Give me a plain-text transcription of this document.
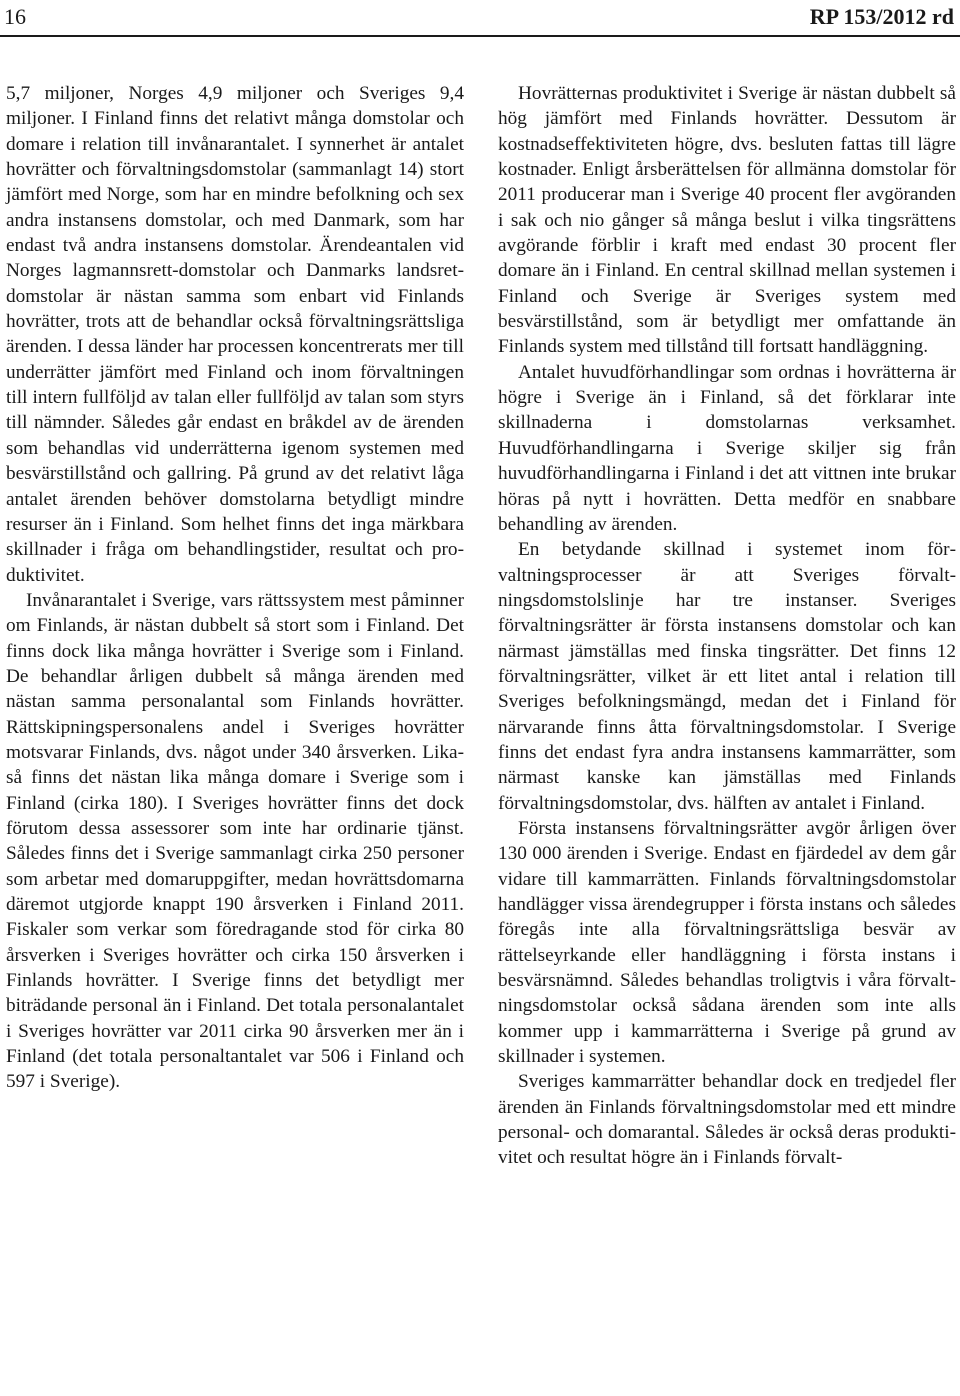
16	RP 153/2012 rd

5,7 miljoner, Norges 4,9 miljoner och Sveriges 9,4 miljoner. I Finland finns det relativt många domstolar och domare i relation till invånarantalet. I synnerhet är antalet hovrätter och förvaltningsdomstolar (sammanlagt 14) stort jämfört med Norge, som har en mindre befolkning och sex andra instansens domstolar, och med Danmark, som har endast två andra instansens domstolar. Ärendeantalen vid Norges lagmannsrett-domstolar och Danmarks landsret-domstolar är nästan samma som enbart vid Finlands hovrätter, trots att de behandlar också förvaltningsrättsliga ärenden. I dessa länder har processen koncentrerats mer till underrätter jämfört med Finland och inom förvaltningen till intern fullföljd av talan eller fullföljd av talan som styrs till nämnder. Således går endast en bråkdel av de ärenden som behandlas vid underrätterna igenom systemen med besvärstillstånd och gallring. På grund av det relativt låga antalet ärenden behöver domstolarna betydligt mindre resurser än i Finland. Som helhet finns det inga märkbara skillnader i fråga om behandlingstider, resultat och produktivitet.

Invånarantalet i Sverige, vars rättssystem mest påminner om Finlands, är nästan dubbelt så stort som i Finland. Det finns dock lika många hovrätter i Sverige som i Finland. De behandlar årligen dubbelt så många ärenden med nästan samma personalantal som Finlands hovrätter. Rättskipningspersonalens andel i Sveriges hovrätter motsvarar Finlands, dvs. något under 340 årsverken. Likaså finns det nästan lika många domare i Sverige som i Finland (cirka 180). I Sveriges hovrätter finns det dock förutom dessa assessorer som inte har ordinarie tjänst. Således finns det i Sverige sammanlagt cirka 250 personer som arbetar med domaruppgifter, medan hovrättsdomarna däremot utgjorde knappt 190 årsverken i Finland 2011. Fiskaler som verkar som föredragande stod för cirka 80 årsverken i Sveriges hovrätter och cirka 150 årsverken i Finlands hovrätter. I Sverige finns det betydligt mer biträdande personal än i Finland. Det totala personalantalet i Sveriges hovrätter var 2011 cirka 90 årsverken mer än i Finland (det totala personaltantalet var 506 i Finland och 597 i Sverige).

Hovrätternas produktivitet i Sverige är nästan dubbelt så hög jämfört med Finlands hovrätter. Dessutom är kostnadseffektiviteten högre, dvs. besluten fattas till lägre kostnader. Enligt årsberättelsen för allmänna domstolar för 2011 producerar man i Sverige 40 procent fler avgöranden i sak och nio gånger så många beslut i vilka tingsrättens avgörande förblir i kraft med endast 30 procent fler domare än i Finland. En central skillnad mellan systemen i Finland och Sverige är Sveriges system med besvärstillstånd, som är betydligt mer omfattande än Finlands system med tillstånd till fortsatt handläggning.

Antalet huvudförhandlingar som ordnas i hovrätterna är högre i Sverige än i Finland, så det förklarar inte skillnaderna i domstolarnas verksamhet. Huvudförhandlingarna i Sverige skiljer sig från huvudförhandlingarna i Finland i det att vittnen inte brukar höras på nytt i hovrätten. Detta medför en snabbare behandling av ärenden.

En betydande skillnad i systemet inom förvaltningsprocesser är att Sveriges förvaltningsdomstolslinje har tre instanser. Sveriges förvaltningsrätter är första instansens domstolar och kan närmast jämställas med finska tingsrätter. Det finns 12 förvaltningsrätter, vilket är ett litet antal i relation till Sveriges befolkningsmängd, medan det i Finland för närvarande finns åtta förvaltningsdomstolar. I Sverige finns det endast fyra andra instansens kammarrätter, som närmast kanske kan jämställas med Finlands förvaltningsdomstolar, dvs. hälften av antalet i Finland.

Första instansens förvaltningsrätter avgör årligen över 130 000 ärenden i Sverige. Endast en fjärdedel av dem går vidare till kammarrätten. Finlands förvaltningsdomstolar handlägger vissa ärendegrupper i första instans och således föregås inte alla förvaltningsrättsliga besvär av rättelseyrkande eller handläggning i första instans i besvärsnämnd. Således behandlas troligtvis i våra förvaltningsdomstolar också sådana ärenden som inte alls kommer upp i kammarrätterna i Sverige på grund av skillnader i systemen.

Sveriges kammarrätter behandlar dock en tredjedel fler ärenden än Finlands förvaltningsdomstolar med ett mindre personal- och domarantal. Således är också deras produktivitet och resultat högre än i Finlands förvalt-
